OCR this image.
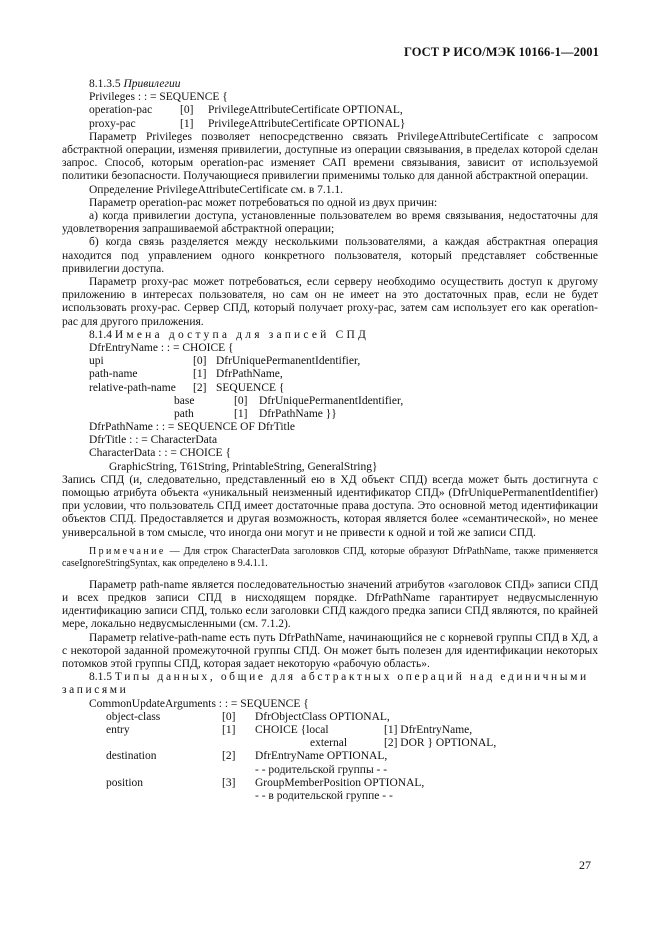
ГОСТ Р ИСО/МЭК 10166-1—2001
8.1.3.5 Привилегии
Privileges : : = SEQUENCE {
operation-pac [0] PrivilegeAttributeCertificate OPTIONAL,
proxy-pac	[1] PrivilegeAttributeCertificate OPTIONAL}

Параметр Privileges позволяет непосредственно связать PrivilegeAttributeCertificate с запросом абстрактной операции, изменяя привилегии, доступные из операции связывания, в пределах которой сделан запрос. Способ, которым operation-pac изменяет САП времени связывания, зависит от используемой политики безопасности. Получающиеся привилегии применимы только для данной абстрактной операции.

Определение PrivilegeAttributeCertificate см. в 7.1.1.

Параметр operation-pac может потребоваться по одной из двух причин:

а) когда привилегии доступа, установленные пользователем во время связывания, недостаточны для удовлетворения запрашиваемой абстрактной операции;

б) когда связь разделяется между несколькими пользователями, а каждая абстрактная операция находится под управлением одного конкретного пользователя, который представляет собственные привилегии доступа.

Параметр proxy-pac может потребоваться, если серверу необходимо осуществить доступ к другому приложению в интересах пользователя, но сам он не имеет на это достаточных прав, если не будет использовать proxy-pac. Сервер СПД, который получает proxy-pac, затем сам использует его как operation-pac для другого приложения.

8.1.4 Имена доступа для записей СПД
DfrEntryName : : = CHOICE {
upi	[0] DfrUniquePermanentIdentifier,
path-name	[1] DfrPathName,
relative-path-name [2] SEQUENCE {
base	[0] DfrUniquePermanentIdentifier,
path	[1] DfrPathName }}
DfrPathName : : = SEQUENCE OF DfrTitle
DfrTitle : : = CharacterData
CharacterData : : = CHOICE {
GraphicString, T61String, PrintableString, GeneralString}

Запись СПД (и, следовательно, представленный ею в ХД объект СПД) всегда может быть достигнута с помощью атрибута объекта «уникальный неизменный идентификатор СПД» (DfrUniquePermanentIdentifier) при условии, что пользователь СПД имеет достаточные права доступа. Это основной метод идентификации объектов СПД. Предоставляется и другая возможность, которая является более «семантической», но менее универсальной в том смысле, что иногда они могут и не привести к одной и той же записи СПД.

Примечание — Для строк CharacterData заголовков СПД, которые образуют DfrPathName, также применяется caseIgnoreStringSyntax, как определено в 9.4.1.1.

Параметр path-name является последовательностью значений атрибутов «заголовок СПД» записи СПД и всех предков записи СПД в нисходящем порядке. DfrPathName гарантирует недвусмысленную идентификацию записи СПД, только если заголовки СПД каждого предка записи СПД являются, по крайней мере, локально недвусмысленными (см. 7.1.2).

Параметр relative-path-name есть путь DfrPathName, начинающийся не с корневой группы СПД в ХД, а с некоторой заданной промежуточной группы СПД. Он может быть полезен для идентификации некоторых потомков этой группы СПД, которая задает некоторую «рабочую область».

8.1.5 Типы данных, общие для абстрактных операций над единичными
записями
CommonUpdateArguments : : = SEQUENCE {
object-class	[0] DfrObjectClass OPTIONAL,
entry	[1] CHOICE {local	[1] DfrEntryName,
external	[2] DOR } OPTIONAL,
destination	[2] DfrEntryName OPTIONAL,
- - родительской группы - -
position	[3] GroupMemberPosition OPTIONAL,
- - в родительской группе - -
27
